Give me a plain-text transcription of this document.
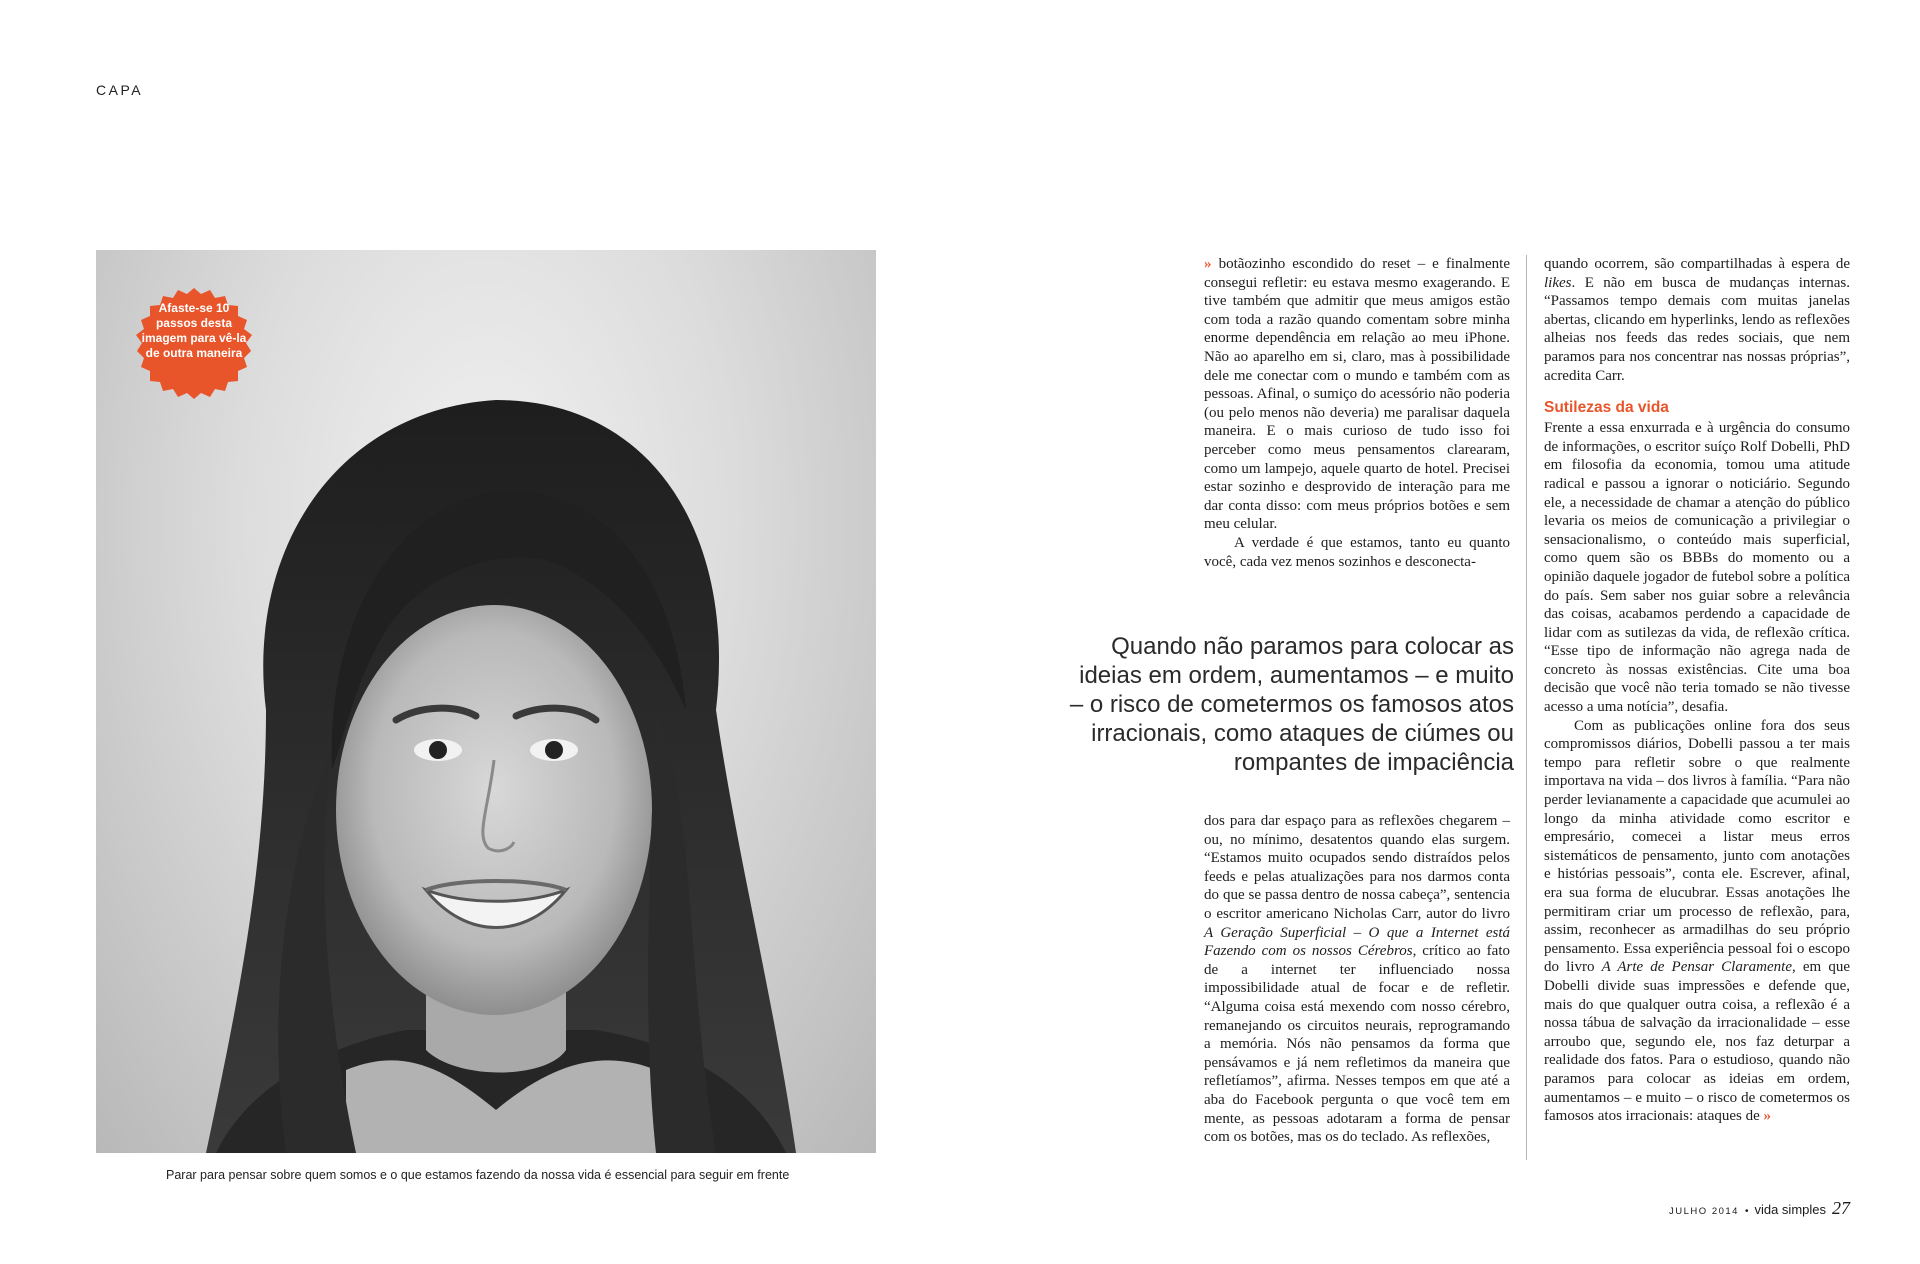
CAPA
Afaste-se 10 passos desta imagem para vê-la de outra maneira
Parar para pensar sobre quem somos e o que estamos fazendo da nossa vida é essencial para seguir em frente

» botãozinho escondido do reset – e finalmente consegui refletir: eu estava mesmo exagerando. E tive também que admitir que meus amigos estão com toda a razão quando comentam sobre minha enorme dependência em relação ao meu iPhone. Não ao aparelho em si, claro, mas à possibilidade dele me conectar com o mundo e também com as pessoas. Afinal, o sumiço do acessório não poderia (ou pelo menos não deveria) me paralisar daquela maneira. E o mais curioso de tudo isso foi perceber como meus pensamentos clarearam, como um lampejo, aquele quarto de hotel. Precisei estar sozinho e desprovido de interação para me dar conta disso: com meus próprios botões e sem meu celular.

A verdade é que estamos, tanto eu quanto você, cada vez menos sozinhos e desconecta-

Quando não paramos para colocar as ideias em ordem, aumentamos – e muito – o risco de cometermos os famosos atos irracionais, como ataques de ciúmes ou rompantes de impaciência

dos para dar espaço para as reflexões chegarem – ou, no mínimo, desatentos quando elas surgem. “Estamos muito ocupados sendo distraídos pelos feeds e pelas atualizações para nos darmos conta do que se passa dentro de nossa cabeça”, sentencia o escritor americano Nicholas Carr, autor do livro A Geração Superficial – O que a Internet está Fazendo com os nossos Cérebros, crítico ao fato de a internet ter influenciado nossa impossibilidade atual de focar e de refletir. “Alguma coisa está mexendo com nosso cérebro, remanejando os circuitos neurais, reprogramando a memória. Nós não pensamos da forma que pensávamos e já nem refletimos da maneira que refletíamos”, afirma. Nesses tempos em que até a aba do Facebook pergunta o que você tem em mente, as pessoas adotaram a forma de pensar com os botões, mas os do teclado. As reflexões,

quando ocorrem, são compartilhadas à espera de likes. E não em busca de mudanças internas. “Passamos tempo demais com muitas janelas abertas, clicando em hyperlinks, lendo as reflexões alheias nos feeds das redes sociais, que nem paramos para nos concentrar nas nossas próprias”, acredita Carr.

Sutilezas da vida

Frente a essa enxurrada e à urgência do consumo de informações, o escritor suíço Rolf Dobelli, PhD em filosofia da economia, tomou uma atitude radical e passou a ignorar o noticiário. Segundo ele, a necessidade de chamar a atenção do público levaria os meios de comunicação a privilegiar o sensacionalismo, o conteúdo mais superficial, como quem são os BBBs do momento ou a opinião daquele jogador de futebol sobre a política do país. Sem saber nos guiar sobre a relevância das coisas, acabamos perdendo a capacidade de lidar com as sutilezas da vida, de reflexão crítica. “Esse tipo de informação não agrega nada de concreto às nossas existências. Cite uma boa decisão que você não teria tomado se não tivesse acesso a uma notícia”, desafia.

Com as publicações online fora dos seus compromissos diários, Dobelli passou a ter mais tempo para refletir sobre o que realmente importava na vida – dos livros à família. “Para não perder levianamente a capacidade que acumulei ao longo da minha atividade como escritor e empresário, comecei a listar meus erros sistemáticos de pensamento, junto com anotações e histórias pessoais”, conta ele. Escrever, afinal, era sua forma de elucubrar. Essas anotações lhe permitiram criar um processo de reflexão, para, assim, reconhecer as armadilhas do seu próprio pensamento. Essa experiência pessoal foi o escopo do livro A Arte de Pensar Claramente, em que Dobelli divide suas impressões e defende que, mais do que qualquer outra coisa, a reflexão é a nossa tábua de salvação da irracionalidade – esse arroubo que, segundo ele, nos faz deturpar a realidade dos fatos. Para o estudioso, quando não paramos para colocar as ideias em ordem, aumentamos – e muito – o risco de cometermos os famosos atos irracionais: ataques de »

JULHO 2014 • vida simples 27
